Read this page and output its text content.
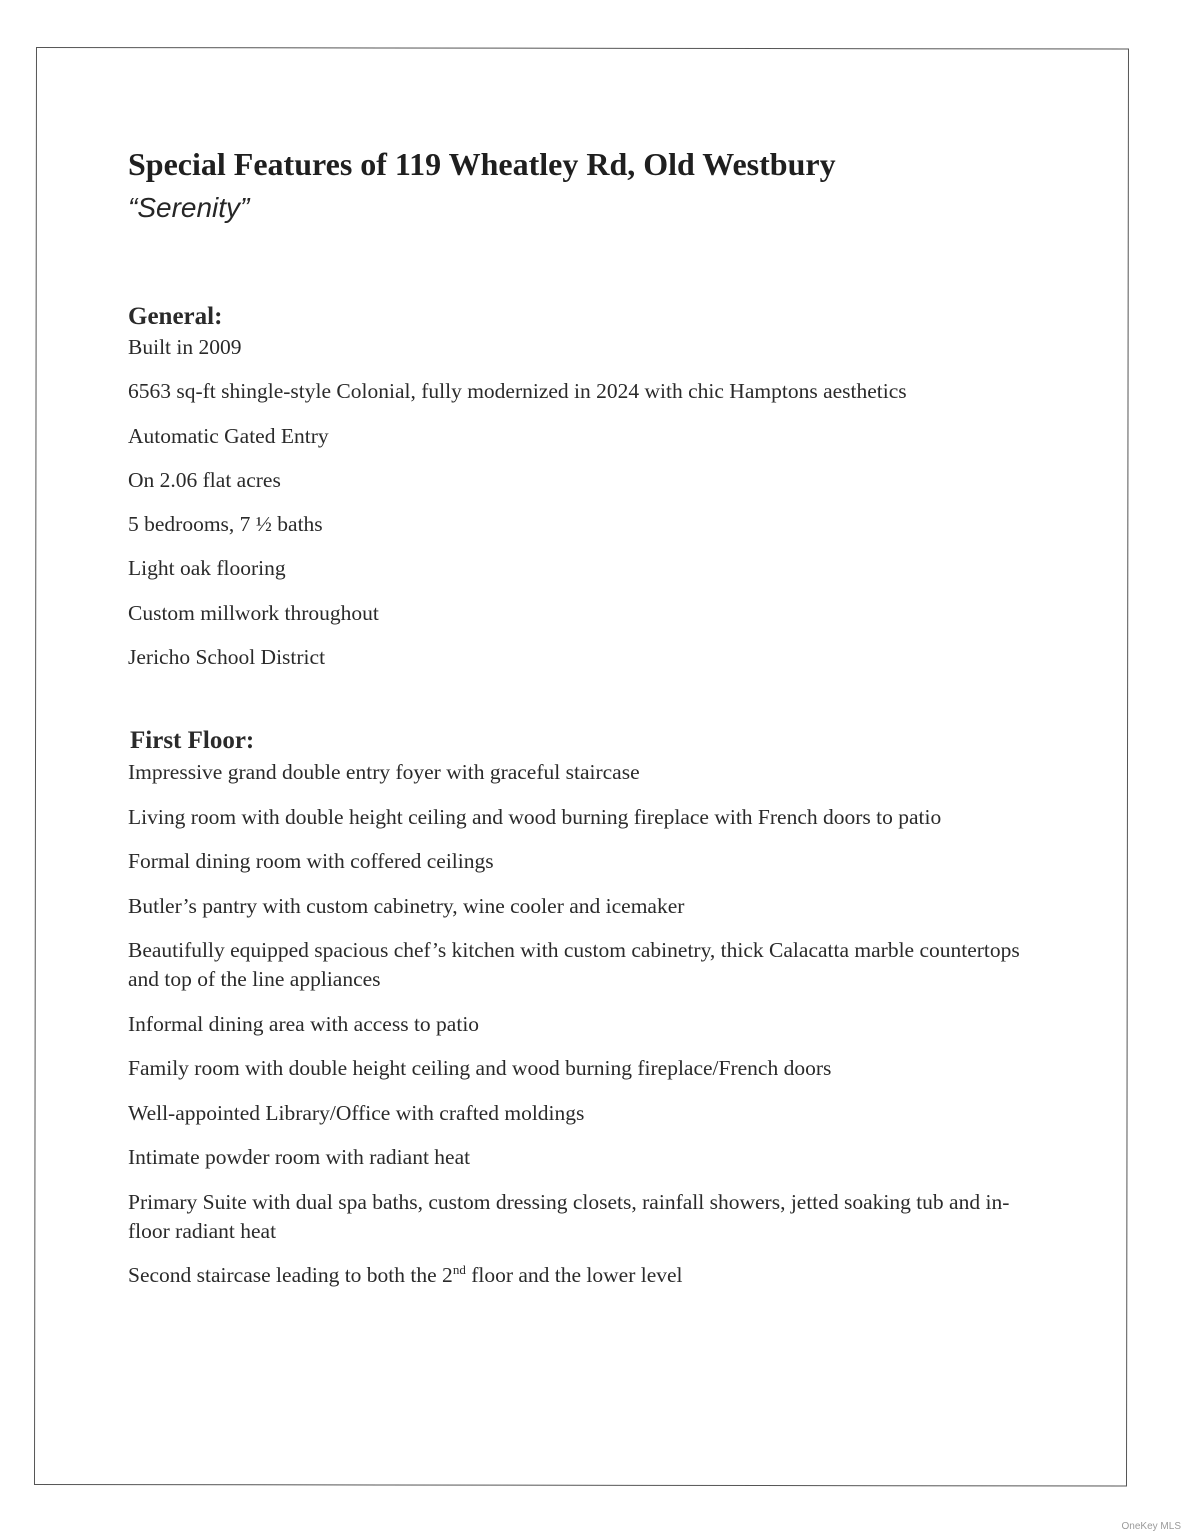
Special Features of 119 Wheatley Rd, Old Westbury
“Serenity”
General:
Built in 2009
6563 sq-ft shingle-style Colonial, fully modernized in 2024 with chic Hamptons aesthetics
Automatic Gated Entry
On 2.06 flat acres
5 bedrooms, 7 ½ baths
Light oak flooring
Custom millwork throughout
Jericho School District
First Floor:
Impressive grand double entry foyer with graceful staircase
Living room with double height ceiling and wood burning fireplace with French doors to patio
Formal dining room with coffered ceilings
Butler’s pantry with custom cabinetry, wine cooler and icemaker
Beautifully equipped spacious chef’s kitchen with custom cabinetry, thick Calacatta marble countertops and top of the line appliances
Informal dining area with access to patio
Family room with double height ceiling and wood burning fireplace/French doors
Well-appointed Library/Office with crafted moldings
Intimate powder room with radiant heat
Primary Suite with dual spa baths, custom dressing closets, rainfall showers, jetted soaking tub and in-floor radiant heat
Second staircase leading to both the 2nd floor and the lower level
OneKey MLS
